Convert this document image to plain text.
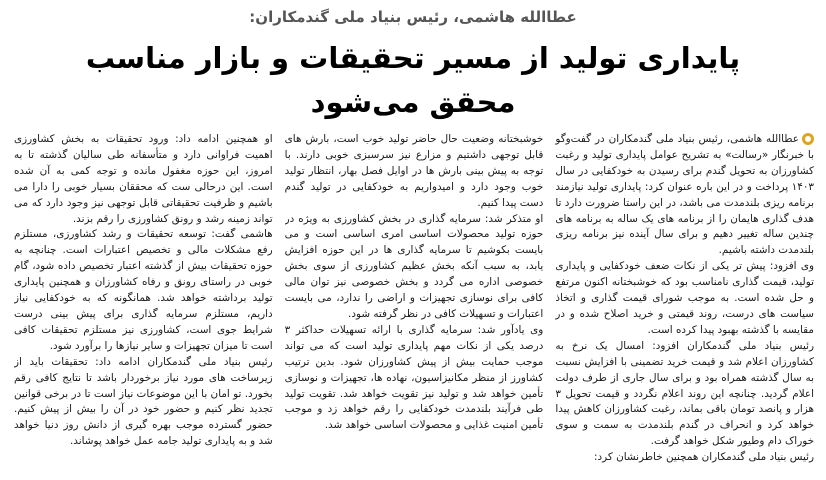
عطاالله هاشمی، رئیس بنیاد ملی گندمکاران:
پایداری تولید از مسیر تحقیقات و بازار مناسب
محقق می‌شود

عطاالله هاشمی، رئیس بنیاد ملی گندمکاران در گفت‌وگو با خبرنگار «رسالت» به تشریح عوامل پایداری تولید و رغبت کشاورزان به تحویل گندم برای رسیدن به خودکفایی در سال ۱۴۰۳ پرداخت و در این باره عنوان کرد: پایداری تولید نیازمند برنامه ریزی بلندمدت می باشد، در این راستا ضرورت دارد تا هدف گذاری هایمان را از برنامه های یک ساله به برنامه های چندین ساله تغییر دهیم و برای سال آینده نیز برنامه ریزی بلندمدت داشته باشیم.

وی افزود: پیش تر یکی از نکات ضعف خودکفایی و پایداری تولید، قیمت گذاری نامناسب بود که خوشبختانه اکنون مرتفع و حل شده است. به موجب شورای قیمت گذاری و اتخاذ سیاست های درست، روند قیمتی و خرید اصلاح شده و در مقایسه با گذشته بهبود پیدا کرده است.

رئیس بنیاد ملی گندمکاران افزود: امسال یک نرخ به کشاورزان اعلام شد و قیمت خرید تضمینی با افزایش نسبت به سال گذشته همراه بود و برای سال جاری از طرف دولت اعلام گردید. چنانچه این روند اعلام نگردد و قیمت تحویل ۳ هزار و پانصد تومان باقی بماند، رغبت کشاورزان کاهش پیدا خواهد کرد و انحراف در گندم بلندمدت به سمت و سوی خوراک دام وطیور شکل خواهد گرفت.

رئیس بنیاد ملی گندمکاران همچنین خاطرنشان کرد:

خوشبختانه وضعیت حال حاضر تولید خوب است، بارش های قابل توجهی داشتیم و مزارع نیز سرسبزی خوبی دارند. با توجه به پیش بینی بارش ها در اوایل فصل بهار، انتظار تولید خوب وجود دارد و امیدواریم به خودکفایی در تولید گندم دست پیدا کنیم.

او متذکر شد: سرمایه گذاری در بخش کشاورزی به ویژه در حوزه تولید محصولات اساسی امری اساسی است و می بایست بکوشیم تا سرمایه گذاری ها در این حوزه افزایش یابد، به سبب آنکه بخش عظیم کشاورزی از سوی بخش خصوصی اداره می گردد و بخش خصوصی نیز توان مالی کافی برای نوسازی تجهیزات و اراضی را ندارد، می بایست اعتبارات و تسهیلات کافی در نظر گرفته شود.

وی یادآور شد: سرمایه گذاری با ارائه تسهیلات حداکثر ۳ درصد یکی از نکات مهم پایداری تولید است که می تواند موجب حمایت بیش از پیش کشاورزان شود. بدین ترتیب کشاورز از منظر مکانیزاسیون، نهاده ها، تجهیزات و نوسازی تأمین خواهد شد و تولید نیز تقویت خواهد شد. تقویت تولید طی فرآیند بلندمدت خودکفایی را رقم خواهد زد و موجب تأمین امنیت غذایی و محصولات اساسی خواهد شد.

او همچنین ادامه داد: ورود تحقیقات به بخش کشاورزی اهمیت فراوانی دارد و متأسفانه طی سالیان گذشته تا به امروز، این حوزه مغفول مانده و توجه کمی به آن شده است. این درحالی ست که محققان بسیار خوبی را دارا می باشیم و ظرفیت تحقیقاتی قابل توجهی نیز وجود دارد که می تواند زمینه رشد و رونق کشاورزی را رقم بزند.

هاشمی گفت: توسعه تحقیقات و رشد کشاورزی، مستلزم رفع مشکلات مالی و تخصیص اعتبارات است. چنانچه به حوزه تحقیقات بیش از گذشته اعتبار تخصیص داده شود، گام خوبی در راستای رونق و رفاه کشاورزان و همچنین پایداری تولید برداشته خواهد شد. همانگونه که به خودکفایی نیاز داریم، مستلزم سرمایه گذاری برای پیش بینی درست شرایط جوی است، کشاورزی نیز مستلزم تحقیقات کافی است تا میزان تجهیزات و سایر نیازها را برآورد شود.

رئیس بنیاد ملی گندمکاران ادامه داد: تحقیقات باید از زیرساخت های مورد نیاز برخوردار باشد تا نتایج کافی رقم بخورد. تو امان با این موضوعات نیاز است تا در برخی قوانین تجدید نظر کنیم و حضور خود در آن را بیش از پیش کنیم. حضور گسترده موجب بهره گیری از دانش روز دنیا خواهد شد و به پایداری تولید جامه عمل خواهد پوشاند.
